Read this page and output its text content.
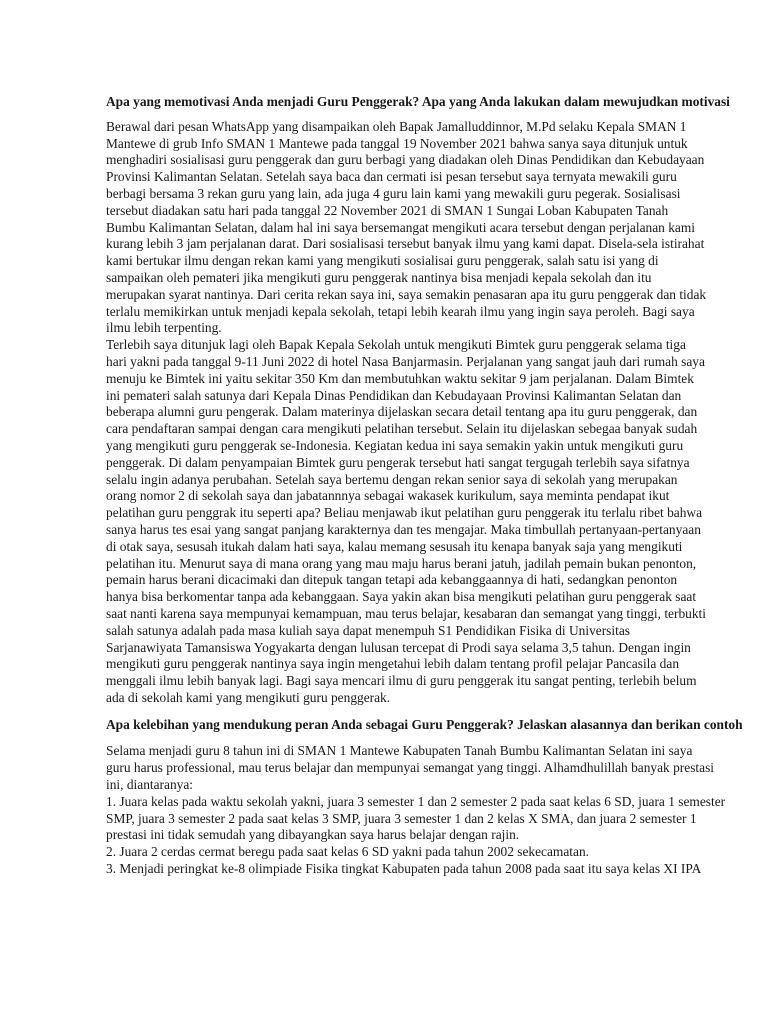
Apa yang memotivasi Anda menjadi Guru Penggerak? Apa yang Anda lakukan dalam mewujudkan motivasi
Berawal dari pesan WhatsApp yang disampaikan oleh Bapak Jamalluddinnor, M.Pd selaku Kepala SMAN 1
Mantewe di grub Info SMAN 1 Mantewe pada tanggal 19 November 2021 bahwa sanya saya ditunjuk untuk
menghadiri sosialisasi guru penggerak dan guru berbagi yang diadakan oleh Dinas Pendidikan dan Kebudayaan
Provinsi Kalimantan Selatan. Setelah saya baca dan cermati isi pesan tersebut saya ternyata mewakili guru
berbagi bersama 3 rekan guru yang lain, ada juga 4 guru lain kami yang mewakili guru pegerak. Sosialisasi
tersebut diadakan satu hari pada tanggal 22 November 2021 di SMAN 1 Sungai Loban Kabupaten Tanah
Bumbu Kalimantan Selatan, dalam hal ini saya bersemangat mengikuti acara tersebut dengan perjalanan kami
kurang lebih 3 jam perjalanan darat. Dari sosialisasi tersebut banyak ilmu yang kami dapat. Disela-sela istirahat
kami bertukar ilmu dengan rekan kami yang mengikuti sosialisai guru penggerak, salah satu isi yang di
sampaikan oleh pemateri jika mengikuti guru penggerak nantinya bisa menjadi kepala sekolah dan itu
merupakan syarat nantinya. Dari cerita rekan saya ini, saya semakin penasaran apa itu guru penggerak dan tidak
terlalu memikirkan untuk menjadi kepala sekolah, tetapi lebih kearah ilmu yang ingin saya peroleh. Bagi saya
ilmu lebih terpenting.
Terlebih saya ditunjuk lagi oleh Bapak Kepala Sekolah untuk mengikuti Bimtek guru penggerak selama tiga
hari yakni pada tanggal 9-11 Juni 2022 di hotel Nasa Banjarmasin. Perjalanan yang sangat jauh dari rumah saya
menuju ke Bimtek ini yaitu sekitar 350 Km dan membutuhkan waktu sekitar 9 jam perjalanan. Dalam Bimtek
ini pemateri salah satunya dari Kepala Dinas Pendidikan dan Kebudayaan Provinsi Kalimantan Selatan dan
beberapa alumni guru pengerak. Dalam materinya dijelaskan secara detail tentang apa itu guru penggerak, dan
cara pendaftaran sampai dengan cara mengikuti pelatihan tersebut. Selain itu dijelaskan sebegaa banyak sudah
yang mengikuti guru penggerak se-Indonesia. Kegiatan kedua ini saya semakin yakin untuk mengikuti guru
penggerak. Di dalam penyampaian Bimtek guru pengerak tersebut hati sangat tergugah terlebih saya sifatnya
selalu ingin adanya perubahan. Setelah saya bertemu dengan rekan senior saya di sekolah yang merupakan
orang nomor 2 di sekolah saya dan jabatannnya sebagai wakasek kurikulum, saya meminta pendapat ikut
pelatihan guru penggrak itu seperti apa? Beliau menjawab ikut pelatihan guru penggerak itu terlalu ribet bahwa
sanya harus tes esai yang sangat panjang karakternya dan tes mengajar. Maka timbullah pertanyaan-pertanyaan
di otak saya, sesusah itukah dalam hati saya, kalau memang sesusah itu kenapa banyak saja yang mengikuti
pelatihan itu. Menurut saya di mana orang yang mau maju harus berani jatuh, jadilah pemain bukan penonton,
pemain harus berani dicacimaki dan ditepuk tangan tetapi ada kebanggaannya di hati, sedangkan penonton
hanya bisa berkomentar tanpa ada kebanggaan. Saya yakin akan bisa mengikuti pelatihan guru penggerak saat
saat nanti karena saya mempunyai kemampuan, mau terus belajar, kesabaran dan semangat yang tinggi, terbukti
salah satunya adalah pada masa kuliah saya dapat menempuh S1 Pendidikan Fisika di Universitas
Sarjanawiyata Tamansiswa Yogyakarta dengan lulusan tercepat di Prodi saya selama 3,5 tahun. Dengan ingin
mengikuti guru penggerak nantinya saya ingin mengetahui lebih dalam tentang profil pelajar Pancasila dan
menggali ilmu lebih banyak lagi. Bagi saya mencari ilmu di guru penggerak itu sangat penting, terlebih belum
ada di sekolah kami yang mengikuti guru penggerak.
Apa kelebihan yang mendukung peran Anda sebagai Guru Penggerak? Jelaskan alasannya dan berikan contoh
Selama menjadi guru 8 tahun ini di SMAN 1 Mantewe Kabupaten Tanah Bumbu Kalimantan Selatan ini saya
guru harus professional, mau terus belajar dan mempunyai semangat yang tinggi. Alhamdhulillah banyak prestasi
ini, diantaranya:
1. Juara kelas pada waktu sekolah yakni, juara 3 semester 1 dan 2 semester 2 pada saat kelas 6 SD, juara 1 semester
SMP, juara 3 semester 2 pada saat kelas 3 SMP, juara 3 semester 1 dan 2 kelas X SMA, dan juara 2 semester 1
prestasi ini tidak semudah yang dibayangkan saya harus belajar dengan rajin.
2. Juara 2 cerdas cermat beregu pada saat kelas 6 SD yakni pada tahun 2002 sekecamatan.
3. Menjadi peringkat ke-8 olimpiade Fisika tingkat Kabupaten pada tahun 2008 pada saat itu saya kelas XI IPA
